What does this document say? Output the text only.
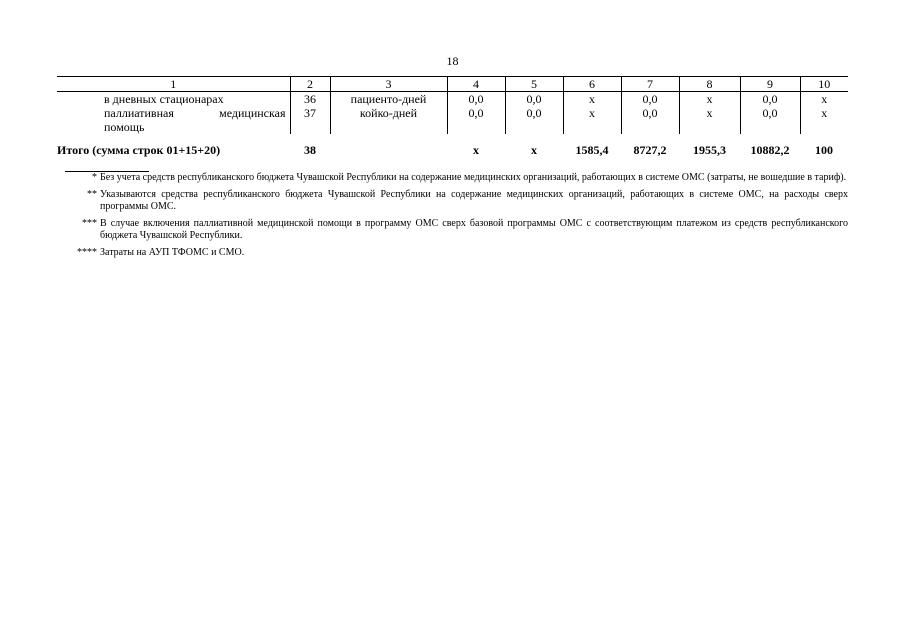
18
1	2	3	4	5	6	7	8	9	10
в дневных стационарах	36	пациенто-дней	0,0	0,0	х	0,0	х	0,0	х
паллиативная медицинская
помощь	37	койко-дней	0,0	0,0	х	0,0	х	0,0	х
Итого (сумма строк 01+15+20)	38		х	х	1585,4	8727,2	1955,3	10882,2	100
* Без учета средств республиканского бюджета Чувашской Республики на содержание медицинских организаций, работающих в системе ОМС (затраты, не вошедшие в тариф).
** Указываются средства республиканского бюджета Чувашской Республики на содержание медицинских организаций, работающих в системе ОМС, на расходы сверх программы ОМС.
*** В случае включения паллиативной медицинской помощи в программу ОМС сверх базовой программы ОМС с соответствующим платежом из средств республиканского бюджета Чувашской Республики.
**** Затраты на АУП ТФОМС и СМО.
